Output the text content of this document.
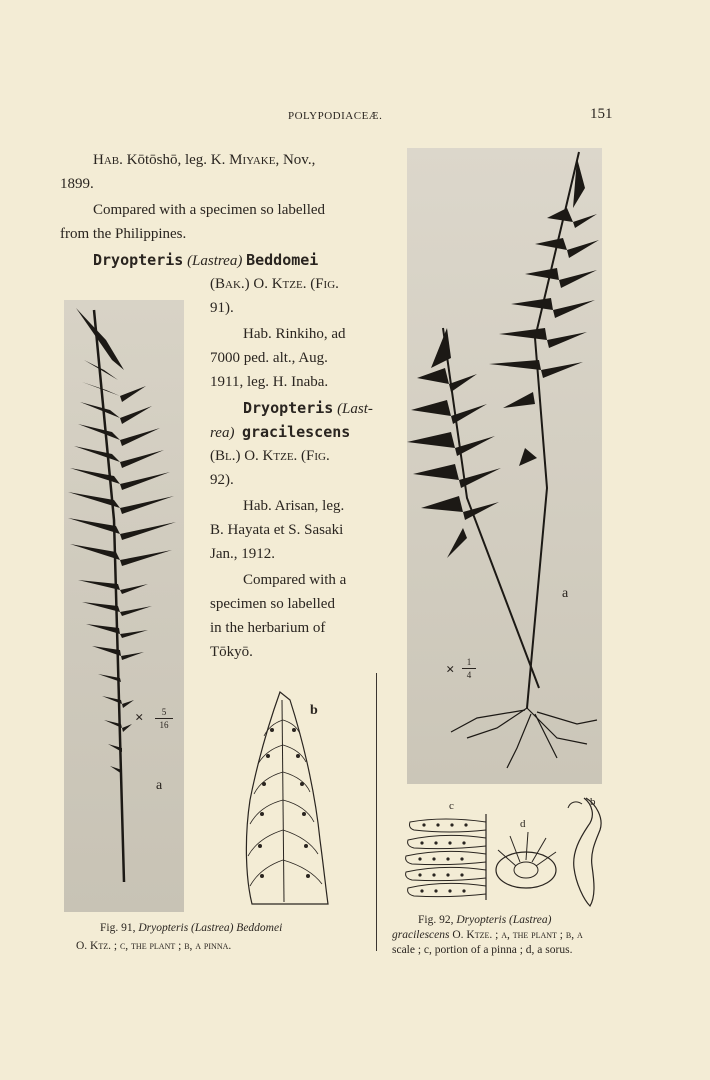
POLYPODIACEÆ.	151
Hab. Kōtōshō, leg. K. Miyake, Nov.,
1899.
Compared with a specimen so labelled
from the Philippines.
Dryopteris (Lastrea) Beddomei
(Bak.) O. Ktze. (Fig.
91).
Hab. Rinkiho, ad
7000 ped. alt., Aug.
1911, leg. H. Inaba.
Dryopteris (Last-
rea) gracilescens
(Bl.) O. Ktze. (Fig.
92).
Hab. Arisan, leg.
B. Hayata et S. Sasaki
Jan., 1912.
Compared with a
specimen so labelled
in the herbarium of
Tōkyō.
× $\frac{5}{16}$
a
b
Fig. 91, Dryopteris (Lastrea) Beddomei
O. Ktz. ; c, the plant ; b, a pinna.
a
× $\frac{1}{4}$
c
d
b
Fig. 92, Dryopteris (Lastrea)
gracilescens O. Ktze. ; a, the plant ; b, a
scale ; c, portion of a pinna ; d, a sorus.
